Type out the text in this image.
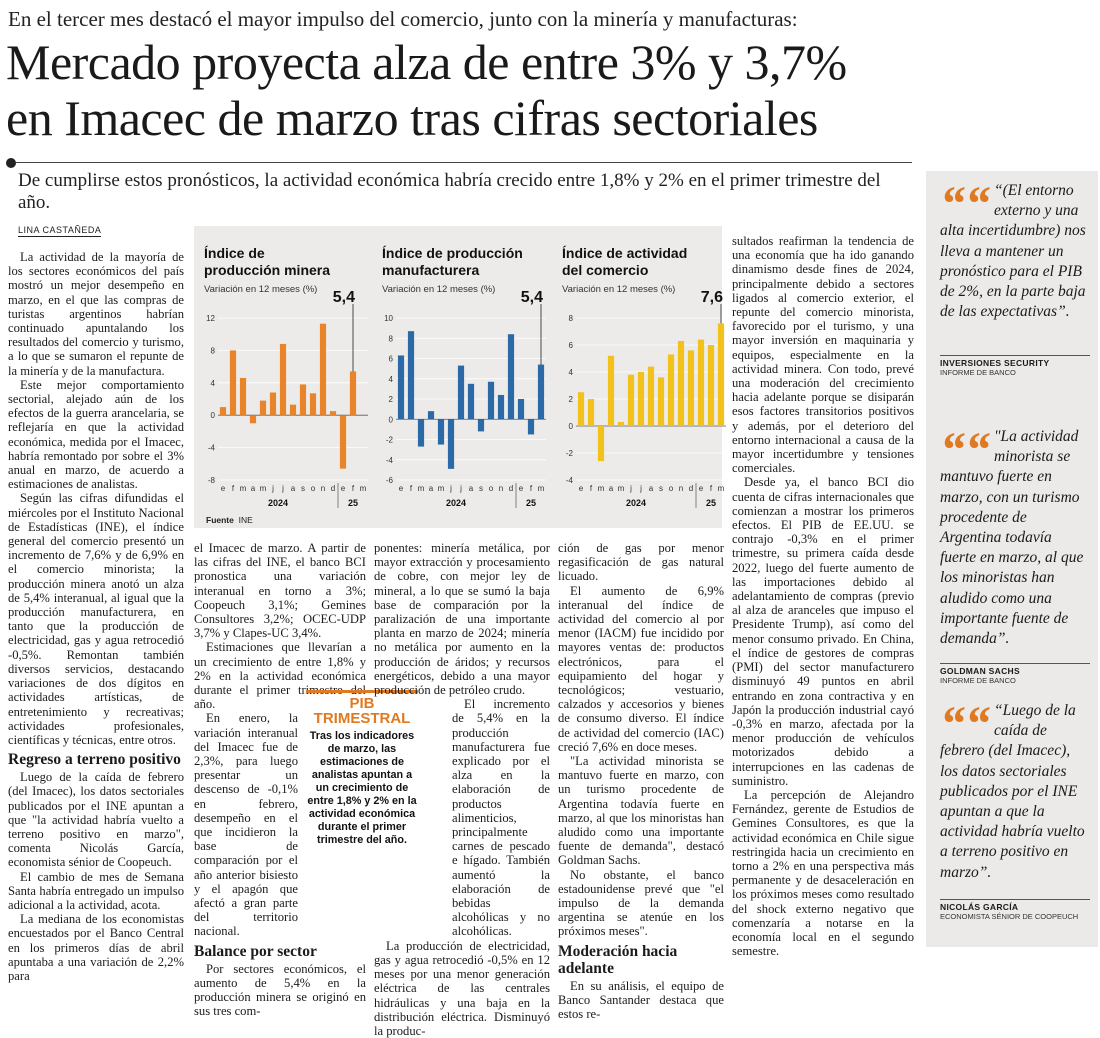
En el tercer mes destacó el mayor impulso del comercio, junto con la minería y manufacturas:
Mercado proyecta alza de entre 3% y 3,7%
en Imacec de marzo tras cifras sectoriales
De cumplirse estos pronósticos, la actividad económica habría crecido entre 1,8% y 2% en el primer trimestre del año.
LINA CASTAÑEDA

La actividad de la mayoría de los sectores económicos del país mostró un mejor desempeño en marzo, en el que las compras de turistas argentinos habrían continuado apuntalando los resultados del comercio y turismo, a lo que se sumaron el repunte de la minería y de la manufactura.

Este mejor comportamiento sectorial, alejado aún de los efectos de la guerra arancelaria, se reflejaría en que la actividad económica, medida por el Imacec, habría remontado por sobre el 3% anual en marzo, de acuerdo a estimaciones de analistas.

Según las cifras difundidas el miércoles por el Instituto Nacional de Estadísticas (INE), el índice general del comercio presentó un incremento de 7,6% y de 6,9% en el comercio minorista; la producción minera anotó un alza de 5,4% interanual, al igual que la producción manufacturera, en tanto que la producción de electricidad, gas y agua retrocedió -0,5%. Remontan también diversos servicios, destacando variaciones de dos dígitos en actividades artísticas, de entretenimiento y recreativas; actividades profesionales, científicas y técnicas, entre otros.

Regreso a terreno positivo

Luego de la caída de febrero (del Imacec), los datos sectoriales publicados por el INE apuntan a que "la actividad habría vuelto a terreno positivo en marzo", comenta Nicolás García, economista sénior de Coopeuch.

El cambio de mes de Semana Santa habría entregado un impulso adicional a la actividad, acota.

La mediana de los economistas encuestados por el Banco Central en los primeros días de abril apuntaba a una variación de 2,2% para

Índice de
producción minera
Variación en 12 meses (%)
-8
-4
0
4
8
12
e f m a m j j a s o n d e f m
2024	25
5,4
Índice de producción
manufacturera
Variación en 12 meses (%)
-6
-4
-2
0
2
4
6
8
10
e f m a m j j a s o n d e f m
2024	25
5,4
Índice de actividad
del comercio
Variación en 12 meses (%)
-4
-2
0
2
4
6
8
e f m a m j j a s o n d e f m
2024	25
7,6
Fuente INE

el Imacec de marzo. A partir de las cifras del INE, el banco BCI pronostica una variación interanual en torno a 3%; Coopeuch 3,1%; Gemines Consultores 3,2%; OCEC-UDP 3,7% y Clapes-UC 3,4%.

Estimaciones que llevarían a un crecimiento de entre 1,8% y 2% en la actividad económica durante el primer trimestre del año.

En enero, la variación interanual del Imacec fue de 2,3%, para luego presentar un descenso de -0,1% en febrero, desempeño en el que incidieron la base de comparación por el año anterior bisiesto y el apagón que afectó a gran parte del territorio nacional.

Balance por sector

Por sectores económicos, el aumento de 5,4% en la producción minera se originó en sus tres com-

PIB
TRIMESTRAL
Tras los indicadores de marzo, las estimaciones de analistas apuntan a un crecimiento de entre 1,8% y 2% en la actividad económica durante el primer trimestre del año.

ponentes: minería metálica, por mayor extracción y procesamiento de cobre, con mejor ley de mineral, a lo que se sumó la baja base de comparación por la paralización de una importante planta en marzo de 2024; minería no metálica por aumento en la producción de áridos; y recursos energéticos, debido a una mayor producción de petróleo crudo.

El incremento de 5,4% en la producción manufacturera fue explicado por el alza en la elaboración de productos alimenticios, principalmente carnes de pescado e hígado. También aumentó la elaboración de bebidas alcohólicas y no alcohólicas.

La producción de electricidad, gas y agua retrocedió -0,5% en 12 meses por una menor generación eléctrica de las centrales hidráulicas y una baja en la distribución eléctrica. Disminuyó la produc-

ción de gas por menor regasificación de gas natural licuado.

El aumento de 6,9% interanual del índice de actividad del comercio al por menor (IACM) fue incidido por mayores ventas de: productos electrónicos, para el equipamiento del hogar y tecnológicos; vestuario, calzados y accesorios y bienes de consumo diverso. El índice de actividad del comercio (IAC) creció 7,6% en doce meses.

"La actividad minorista se mantuvo fuerte en marzo, con un turismo procedente de Argentina todavía fuerte en marzo, al que los minoristas han aludido como una importante fuente de demanda", destacó Goldman Sachs.

No obstante, el banco estadounidense prevé que "el impulso de la demanda argentina se atenúe en los próximos meses".

Moderación hacia adelante

En su análisis, el equipo de Banco Santander destaca que estos re-

sultados reafirman la tendencia de una economía que ha ido ganando dinamismo desde fines de 2024, principalmente debido a sectores ligados al comercio exterior, el repunte del comercio minorista, favorecido por el turismo, y una mayor inversión en maquinaria y equipos, especialmente en la actividad minera. Con todo, prevé una moderación del crecimiento hacia adelante porque se disiparán esos factores transitorios positivos y además, por el deterioro del entorno internacional a causa de la mayor incertidumbre y tensiones comerciales.

Desde ya, el banco BCI dio cuenta de cifras internacionales que comienzan a mostrar los primeros efectos. El PIB de EE.UU. se contrajo -0,3% en el primer trimestre, su primera caída desde 2022, luego del fuerte aumento de las importaciones debido al adelantamiento de compras (previo al alza de aranceles que impuso el Presidente Trump), así como del menor consumo privado. En China, el índice de gestores de compras (PMI) del sector manufacturero disminuyó 49 puntos en abril entrando en zona contractiva y en Japón la producción industrial cayó -0,3% en marzo, afectada por la menor producción de vehículos motorizados debido a interrupciones en las cadenas de suministro.

La percepción de Alejandro Fernández, gerente de Estudios de Gemines Consultores, es que la actividad económica en Chile sigue restringida hacia un crecimiento en torno a 2% en una perspectiva más permanente y de desaceleración en los próximos meses como resultado del shock externo negativo que comenzaría a notarse en la economía local en el segundo semestre.

““ “(El entorno externo y una alta incertidumbre) nos lleva a mantener un pronóstico para el PIB de 2%, en la parte baja de las expectativas”.
INVERSIONES SECURITY
INFORME DE BANCO
““ "La actividad minorista se mantuvo fuerte en marzo, con un turismo procedente de Argentina todavía fuerte en marzo, al que los minoristas han aludido como una importante fuente de demanda”.
GOLDMAN SACHS
INFORME DE BANCO
““ “Luego de la caída de febrero (del Imacec), los datos sectoriales publicados por el INE apuntan a que la actividad habría vuelto a terreno positivo en marzo”.
NICOLÁS GARCÍA
ECONOMISTA SÉNIOR DE COOPEUCH
